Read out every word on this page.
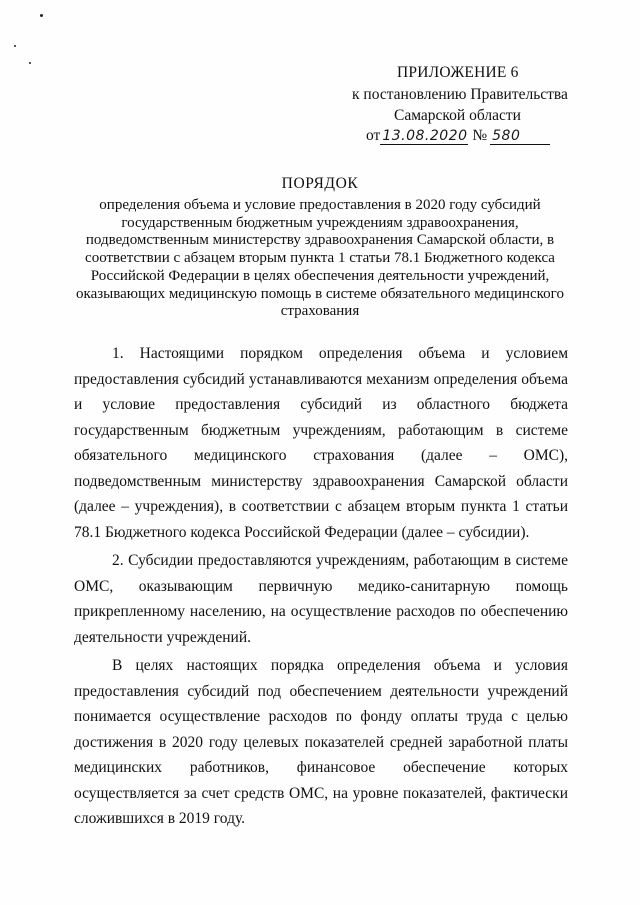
ПРИЛОЖЕНИЕ 6
к постановлению Правительства
Самарской области
от 13.08.2020 № 580
ПОРЯДОК
определения объема и условие предоставления в 2020 году субсидий государственным бюджетным учреждениям здравоохранения, подведомственным министерству здравоохранения Самарской области, в соответствии с абзацем вторым пункта 1 статьи 78.1 Бюджетного кодекса Российской Федерации в целях обеспечения деятельности учреждений, оказывающих медицинскую помощь в системе обязательного медицинского страхования

1. Настоящими порядком определения объема и условием предоставления субсидий устанавливаются механизм определения объема и условие предоставления субсидий из областного бюджета государственным бюджетным учреждениям, работающим в системе обязательного медицинского страхования (далее – ОМС), подведомственным министерству здравоохранения Самарской области (далее – учреждения), в соответствии с абзацем вторым пункта 1 статьи 78.1 Бюджетного кодекса Российской Федерации (далее – субсидии).

2. Субсидии предоставляются учреждениям, работающим в системе ОМС, оказывающим первичную медико-санитарную помощь прикрепленному населению, на осуществление расходов по обеспечению деятельности учреждений.

В целях настоящих порядка определения объема и условия предоставления субсидий под обеспечением деятельности учреждений понимается осуществление расходов по фонду оплаты труда с целью достижения в 2020 году целевых показателей средней заработной платы медицинских работников, финансовое обеспечение которых осуществляется за счет средств ОМС, на уровне показателей, фактически сложившихся в 2019 году.
